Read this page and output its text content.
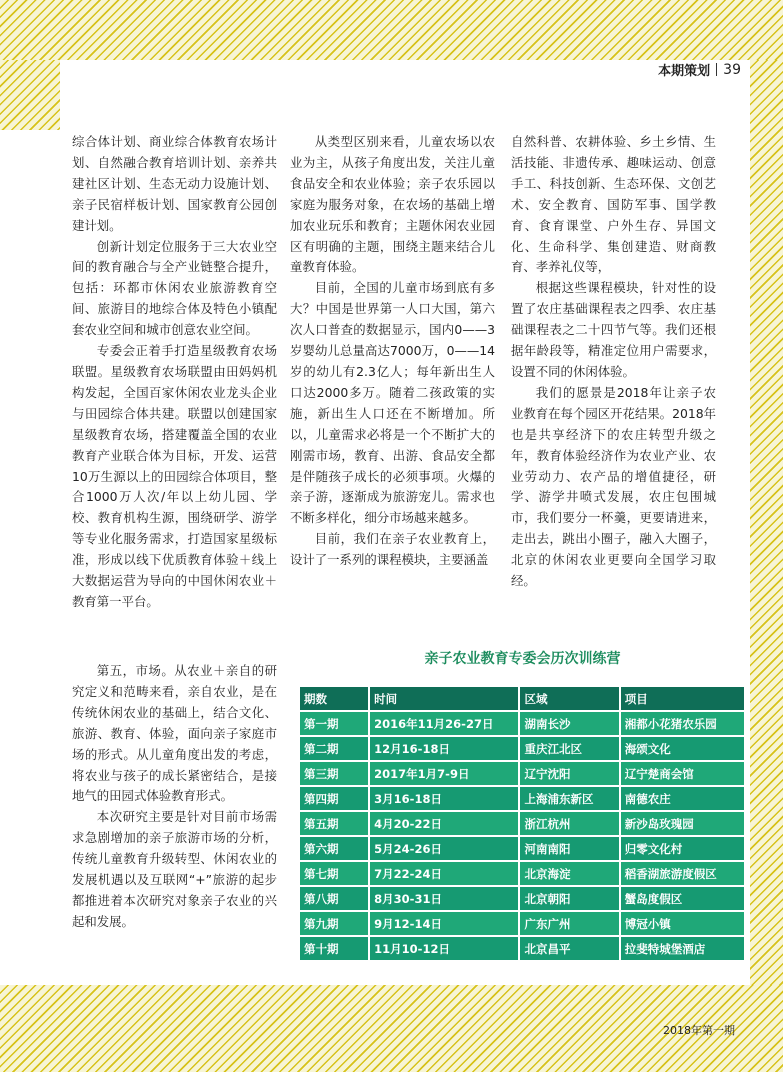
本期策划 39

综合体计划、商业综合体教育农场计划、自然融合教育培训计划、亲养共建社区计划、生态无动力设施计划、亲子民宿样板计划、国家教育公园创建计划。

创新计划定位服务于三大农业空间的教育融合与全产业链整合提升，包括：环都市休闲农业旅游教育空间、旅游目的地综合体及特色小镇配套农业空间和城市创意农业空间。

专委会正着手打造星级教育农场联盟。星级教育农场联盟由田妈妈机构发起，全国百家休闲农业龙头企业与田园综合体共建。联盟以创建国家星级教育农场，搭建覆盖全国的农业教育产业联合体为目标，开发、运营10万生源以上的田园综合体项目，整合1000万人次/年以上幼儿园、学校、教育机构生源，围绕研学、游学等专业化服务需求，打造国家星级标准，形成以线下优质教育体验＋线上大数据运营为导向的中国休闲农业＋教育第一平台。

第五，市场。从农业＋亲自的研究定义和范畴来看，亲自农业，是在传统休闲农业的基础上，结合文化、旅游、教育、体验，面向亲子家庭市场的形式。从儿童角度出发的考虑，将农业与孩子的成长紧密结合，是接地气的田园式体验教育形式。

本次研究主要是针对目前市场需求急剧增加的亲子旅游市场的分析，传统儿童教育升级转型、休闲农业的发展机遇以及互联网“+”旅游的起步都推进着本次研究对象亲子农业的兴起和发展。

从类型区别来看，儿童农场以农业为主，从孩子角度出发，关注儿童食品安全和农业体验；亲子农乐园以家庭为服务对象，在农场的基础上增加农业玩乐和教育；主题休闲农业园区有明确的主题，围绕主题来结合儿童教育体验。

目前，全国的儿童市场到底有多大？中国是世界第一人口大国，第六次人口普查的数据显示，国内0——3岁婴幼儿总量高达7000万，0——14岁的幼儿有2.3亿人；每年新出生人口达2000多万。随着二孩政策的实施，新出生人口还在不断增加。所以，儿童需求必将是一个不断扩大的刚需市场，教育、出游、食品安全都是伴随孩子成长的必须事项。火爆的亲子游，逐渐成为旅游宠儿。需求也不断多样化，细分市场越来越多。

目前，我们在亲子农业教育上，设计了一系列的课程模块，主要涵盖

自然科普、农耕体验、乡土乡情、生活技能、非遗传承、趣味运动、创意手工、科技创新、生态环保、文创艺术、安全教育、国防军事、国学教育、食育课堂、户外生存、异国文化、生命科学、集创建造、财商教育、孝养礼仪等，

根据这些课程模块，针对性的设置了农庄基础课程表之四季、农庄基础课程表之二十四节气等。我们还根据年龄段等，精准定位用户需要求，设置不同的休闲体验。

我们的愿景是2018年让亲子农业教育在每个园区开花结果。2018年也是共享经济下的农庄转型升级之年，教育体验经济作为农业产业、农业劳动力、农产品的增值捷径，研学、游学井喷式发展，农庄包围城市，我们要分一杯羹，更要请进来，走出去，跳出小圈子，融入大圈子，北京的休闲农业更要向全国学习取经。

亲子农业教育专委会历次训练营
期数	时间	区域	项目
第一期	2016年11月26-27日	湖南长沙	湘都小花猪农乐园
第二期	12月16-18日	重庆江北区	海颂文化
第三期	2017年1月7-9日	辽宁沈阳	辽宁楚商会馆
第四期	3月16-18日	上海浦东新区	南德农庄
第五期	4月20-22日	浙江杭州	新沙岛玫瑰园
第六期	5月24-26日	河南南阳	归零文化村
第七期	7月22-24日	北京海淀	稻香湖旅游度假区
第八期	8月30-31日	北京朝阳	蟹岛度假区
第九期	9月12-14日	广东广州	博冠小镇
第十期	11月10-12日	北京昌平	拉斐特城堡酒店
2018年第一期
